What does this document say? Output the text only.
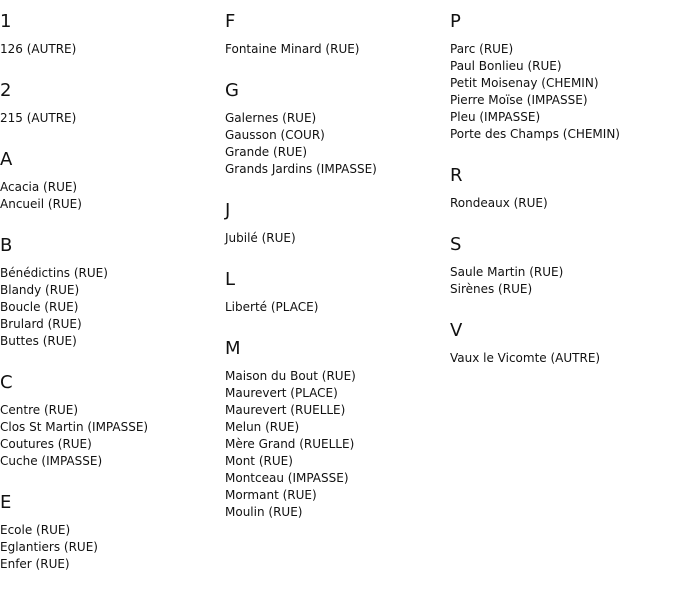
1
126 (AUTRE)
2
215 (AUTRE)
A
Acacia (RUE)
Ancueil (RUE)
B
Bénédictins (RUE)
Blandy (RUE)
Boucle (RUE)
Brulard (RUE)
Buttes (RUE)
C
Centre (RUE)
Clos St Martin (IMPASSE)
Coutures (RUE)
Cuche (IMPASSE)
E
Ecole (RUE)
Eglantiers (RUE)
Enfer (RUE)
F
Fontaine Minard (RUE)
G
Galernes (RUE)
Gausson (COUR)
Grande (RUE)
Grands Jardins (IMPASSE)
J
Jubilé (RUE)
L
Liberté (PLACE)
M
Maison du Bout (RUE)
Maurevert (PLACE)
Maurevert (RUELLE)
Melun (RUE)
Mère Grand (RUELLE)
Mont (RUE)
Montceau (IMPASSE)
Mormant (RUE)
Moulin (RUE)
P
Parc (RUE)
Paul Bonlieu (RUE)
Petit Moisenay (CHEMIN)
Pierre Moïse (IMPASSE)
Pleu (IMPASSE)
Porte des Champs (CHEMIN)
R
Rondeaux (RUE)
S
Saule Martin (RUE)
Sirènes (RUE)
V
Vaux le Vicomte (AUTRE)
